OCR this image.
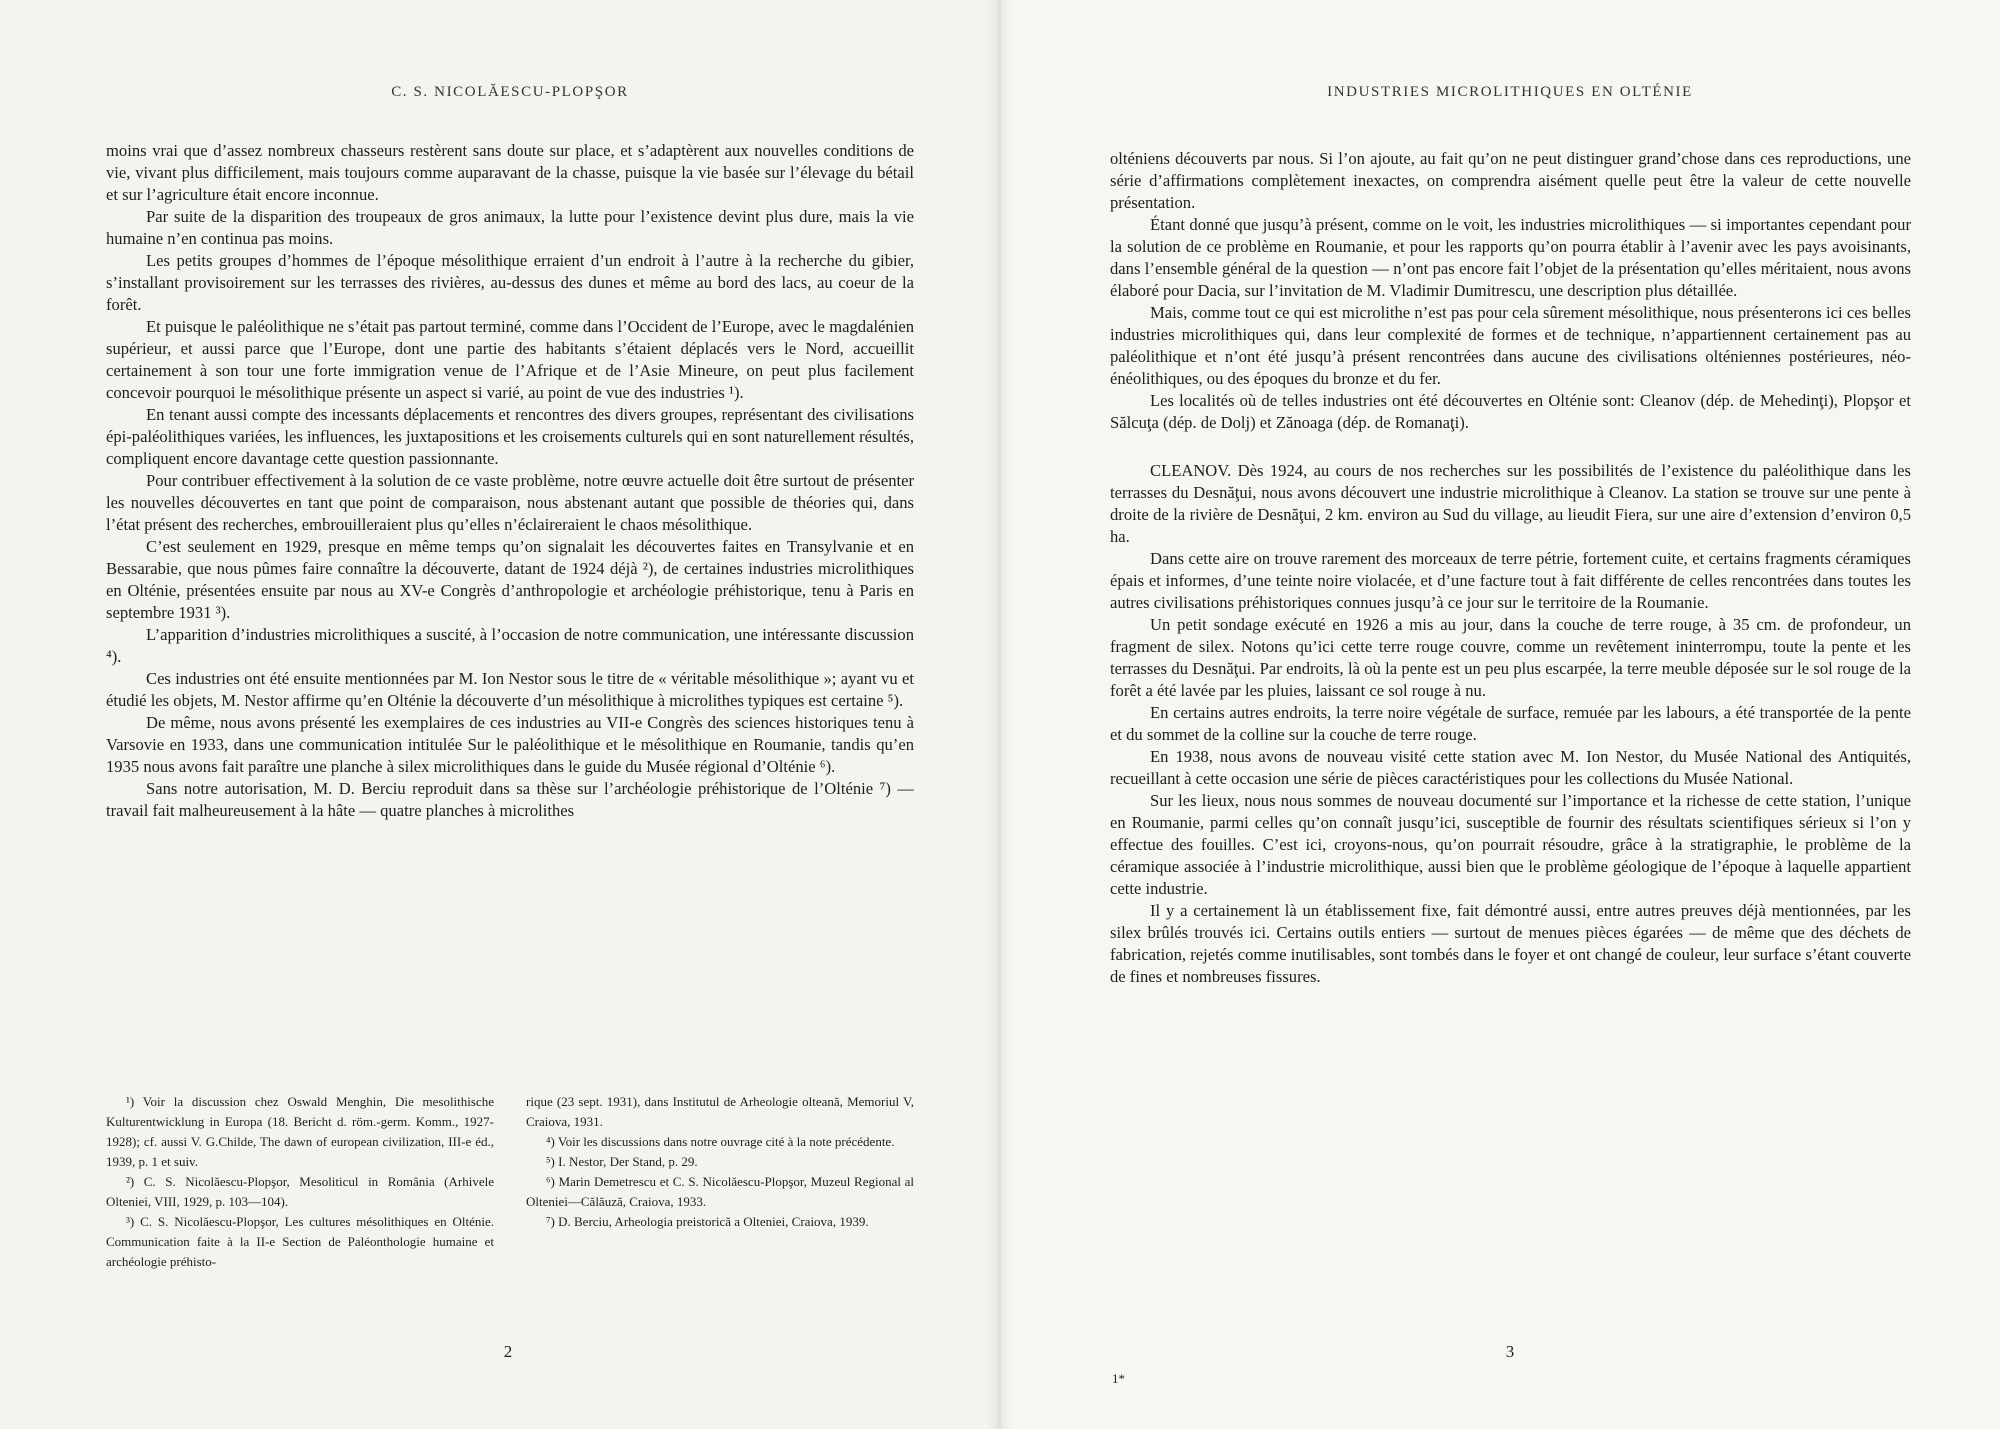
C. S. NICOLĂESCU-PLOPŞOR

moins vrai que d’assez nombreux chasseurs restèrent sans doute sur place, et s’adaptèrent aux nouvelles conditions de vie, vivant plus difficilement, mais toujours comme auparavant de la chasse, puisque la vie basée sur l’élevage du bétail et sur l’agriculture était encore inconnue.

Par suite de la disparition des troupeaux de gros animaux, la lutte pour l’existence devint plus dure, mais la vie humaine n’en continua pas moins.

Les petits groupes d’hommes de l’époque mésolithique erraient d’un endroit à l’autre à la recherche du gibier, s’installant provisoirement sur les terrasses des rivières, au-dessus des dunes et même au bord des lacs, au coeur de la forêt.

Et puisque le paléolithique ne s’était pas partout terminé, comme dans l’Occident de l’Europe, avec le magdalénien supérieur, et aussi parce que l’Europe, dont une partie des habitants s’étaient déplacés vers le Nord, accueillit certainement à son tour une forte immigration venue de l’Afrique et de l’Asie Mineure, on peut plus facilement concevoir pourquoi le mésolithique présente un aspect si varié, au point de vue des industries ¹).

En tenant aussi compte des incessants déplacements et rencontres des divers groupes, représentant des civilisations épi-paléolithiques variées, les influences, les juxtapositions et les croisements culturels qui en sont naturellement résultés, compliquent encore davantage cette question passionnante.

Pour contribuer effectivement à la solution de ce vaste problème, notre œuvre actuelle doit être surtout de présenter les nouvelles découvertes en tant que point de comparaison, nous abstenant autant que possible de théories qui, dans l’état présent des recherches, embrouilleraient plus qu’elles n’éclaireraient le chaos mésolithique.

C’est seulement en 1929, presque en même temps qu’on signalait les découvertes faites en Transylvanie et en Bessarabie, que nous pûmes faire connaître la découverte, datant de 1924 déjà ²), de certaines industries microlithiques en Olténie, présentées ensuite par nous au XV-e Congrès d’anthropologie et archéologie préhistorique, tenu à Paris en septembre 1931 ³).

L’apparition d’industries microlithiques a suscité, à l’occasion de notre communication, une intéressante discussion ⁴).

Ces industries ont été ensuite mentionnées par M. Ion Nestor sous le titre de « véritable mésolithique »; ayant vu et étudié les objets, M. Nestor affirme qu’en Olténie la découverte d’un mésolithique à microlithes typiques est certaine ⁵).

De même, nous avons présenté les exemplaires de ces industries au VII-e Congrès des sciences historiques tenu à Varsovie en 1933, dans une communication intitulée Sur le paléolithique et le mésolithique en Roumanie, tandis qu’en 1935 nous avons fait paraître une planche à silex microlithiques dans le guide du Musée régional d’Olténie ⁶).

Sans notre autorisation, M. D. Berciu reproduit dans sa thèse sur l’archéologie préhistorique de l’Olténie ⁷) — travail fait malheureusement à la hâte — quatre planches à microlithes

¹) Voir la discussion chez Oswald Menghin, Die mesolithische Kulturentwicklung in Europa (18. Bericht d. röm.-germ. Komm., 1927-1928); cf. aussi V. G.Childe, The dawn of european civilization, III-e éd., 1939, p. 1 et suiv.

²) C. S. Nicolăescu-Plopşor, Mesoliticul in România (Arhivele Olteniei, VIII, 1929, p. 103—104).

³) C. S. Nicolăescu-Plopşor, Les cultures mésolithiques en Olténie. Communication faite à la II-e Section de Paléonthologie humaine et archéologie préhisto-

rique (23 sept. 1931), dans Institutul de Arheologie olteană, Memoriul V, Craiova, 1931.

⁴) Voir les discussions dans notre ouvrage cité à la note précédente.

⁵) I. Nestor, Der Stand, p. 29.

⁶) Marin Demetrescu et C. S. Nicolăescu-Plopşor, Muzeul Regional al Olteniei—Călăuză, Craiova, 1933.

⁷) D. Berciu, Arheologia preistorică a Olteniei, Craiova, 1939.

2
INDUSTRIES MICROLITHIQUES EN OLTÉNIE

olténiens découverts par nous. Si l’on ajoute, au fait qu’on ne peut distinguer grand’chose dans ces reproductions, une série d’affirmations complètement inexactes, on comprendra aisément quelle peut être la valeur de cette nouvelle présentation.

Étant donné que jusqu’à présent, comme on le voit, les industries microlithiques — si importantes cependant pour la solution de ce problème en Roumanie, et pour les rapports qu’on pourra établir à l’avenir avec les pays avoisinants, dans l’ensemble général de la question — n’ont pas encore fait l’objet de la présentation qu’elles méritaient, nous avons élaboré pour Dacia, sur l’invitation de M. Vladimir Dumitrescu, une description plus détaillée.

Mais, comme tout ce qui est microlithe n’est pas pour cela sûrement mésolithique, nous présenterons ici ces belles industries microlithiques qui, dans leur complexité de formes et de technique, n’appartiennent certainement pas au paléolithique et n’ont été jusqu’à présent rencontrées dans aucune des civilisations olténiennes postérieures, néo-énéolithiques, ou des époques du bronze et du fer.

Les localités où de telles industries ont été découvertes en Olténie sont: Cleanov (dép. de Mehedinţi), Plopşor et Sălcuţa (dép. de Dolj) et Zănoaga (dép. de Romanaţi).

CLEANOV. Dès 1924, au cours de nos recherches sur les possibilités de l’existence du paléolithique dans les terrasses du Desnăţui, nous avons découvert une industrie microlithique à Cleanov. La station se trouve sur une pente à droite de la rivière de Desnăţui, 2 km. environ au Sud du village, au lieudit Fiera, sur une aire d’extension d’environ 0,5 ha.

Dans cette aire on trouve rarement des morceaux de terre pétrie, fortement cuite, et certains fragments céramiques épais et informes, d’une teinte noire violacée, et d’une facture tout à fait différente de celles rencontrées dans toutes les autres civilisations préhistoriques connues jusqu’à ce jour sur le territoire de la Roumanie.

Un petit sondage exécuté en 1926 a mis au jour, dans la couche de terre rouge, à 35 cm. de profondeur, un fragment de silex. Notons qu’ici cette terre rouge couvre, comme un revêtement ininterrompu, toute la pente et les terrasses du Desnăţui. Par endroits, là où la pente est un peu plus escarpée, la terre meuble déposée sur le sol rouge de la forêt a été lavée par les pluies, laissant ce sol rouge à nu.

En certains autres endroits, la terre noire végétale de surface, remuée par les labours, a été transportée de la pente et du sommet de la colline sur la couche de terre rouge.

En 1938, nous avons de nouveau visité cette station avec M. Ion Nestor, du Musée National des Antiquités, recueillant à cette occasion une série de pièces caractéristiques pour les collections du Musée National.

Sur les lieux, nous nous sommes de nouveau documenté sur l’importance et la richesse de cette station, l’unique en Roumanie, parmi celles qu’on connaît jusqu’ici, susceptible de fournir des résultats scientifiques sérieux si l’on y effectue des fouilles. C’est ici, croyons-nous, qu’on pourrait résoudre, grâce à la stratigraphie, le problème de la céramique associée à l’industrie microlithique, aussi bien que le problème géologique de l’époque à laquelle appartient cette industrie.

Il y a certainement là un établissement fixe, fait démontré aussi, entre autres preuves déjà mentionnées, par les silex brûlés trouvés ici. Certains outils entiers — surtout de menues pièces égarées — de même que des déchets de fabrication, rejetés comme inutilisables, sont tombés dans le foyer et ont changé de couleur, leur surface s’étant couverte de fines et nombreuses fissures.

3
1*
